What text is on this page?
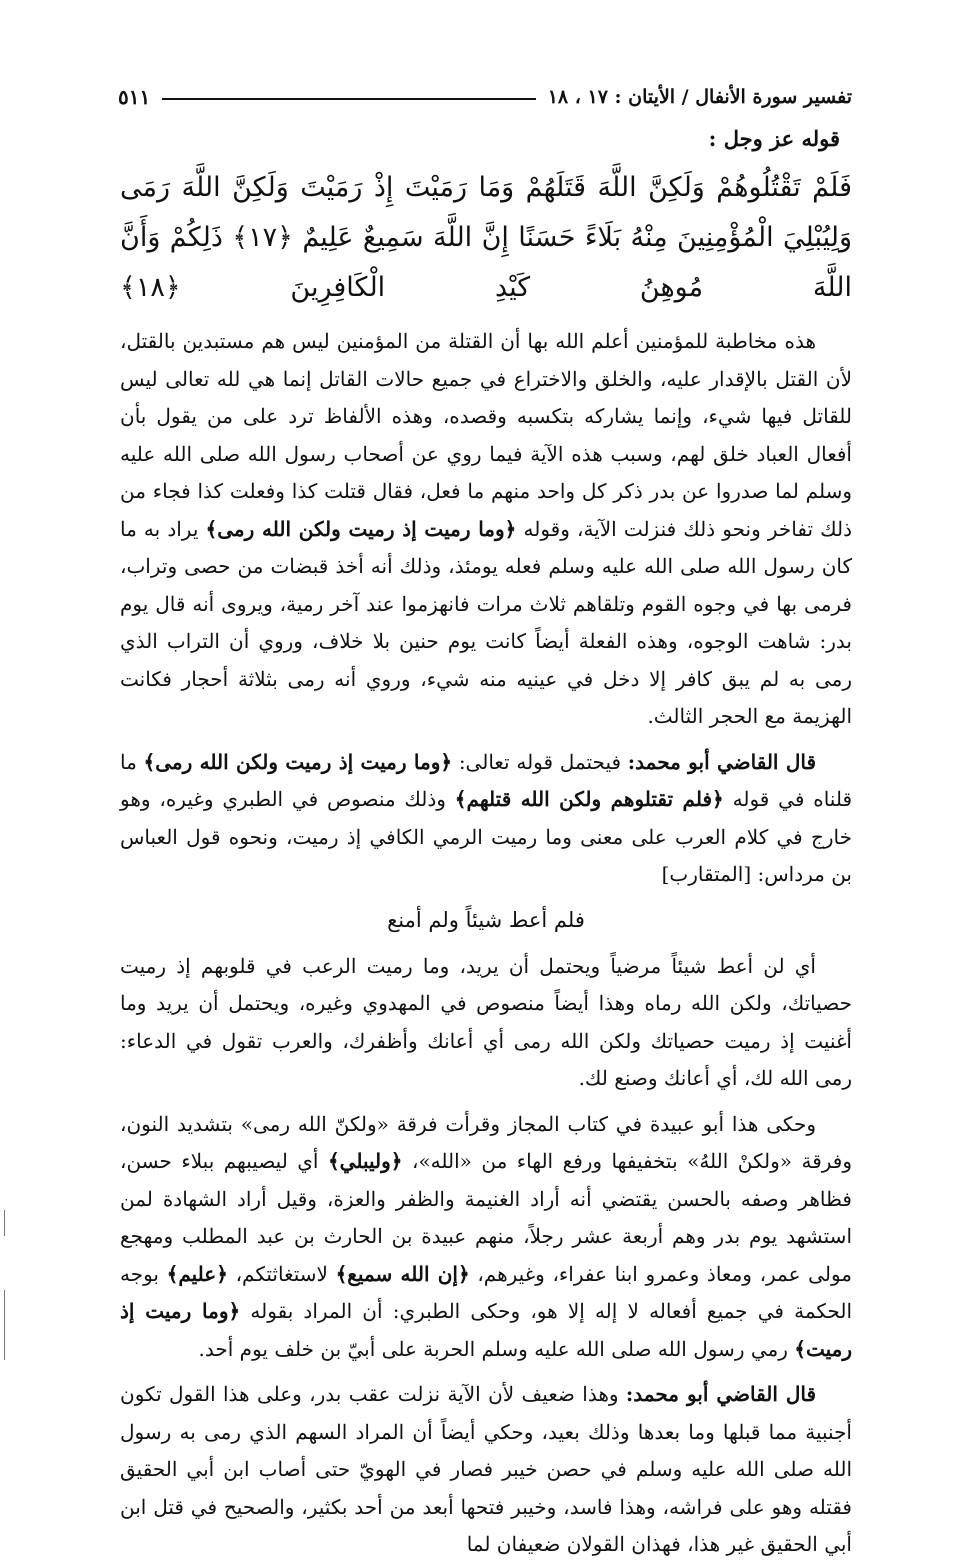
تفسير سورة الأنفال / الأيتان : ١٧ ، ١٨
٥١١
قوله عز وجل :
فَلَمْ تَقْتُلُوهُمْ وَلَكِنَّ اللَّهَ قَتَلَهُمْ وَمَا رَمَيْتَ إِذْ رَمَيْتَ وَلَكِنَّ اللَّهَ رَمَى وَلِيُبْلِيَ الْمُؤْمِنِينَ مِنْهُ بَلَاءً حَسَنًا إِنَّ اللَّهَ سَمِيعٌ عَلِيمٌ ﴿١٧﴾ ذَلِكُمْ وَأَنَّ اللَّهَ مُوهِنُ كَيْدِ الْكَافِرِينَ ﴿١٨﴾

هذه مخاطبة للمؤمنين أعلم الله بها أن القتلة من المؤمنين ليس هم مستبدين بالقتل، لأن القتل بالإقدار عليه، والخلق والاختراع في جميع حالات القاتل إنما هي لله تعالى ليس للقاتل فيها شيء، وإنما يشاركه بتكسبه وقصده، وهذه الألفاظ ترد على من يقول بأن أفعال العباد خلق لهم، وسبب هذه الآية فيما روي عن أصحاب رسول الله صلى الله عليه وسلم لما صدروا عن بدر ذكر كل واحد منهم ما فعل، فقال قتلت كذا وفعلت كذا فجاء من ذلك تفاخر ونحو ذلك فنزلت الآية، وقوله ﴿وما رميت إذ رميت ولكن الله رمى﴾ يراد به ما كان رسول الله صلى الله عليه وسلم فعله يومئذ، وذلك أنه أخذ قبضات من حصى وتراب، فرمى بها في وجوه القوم وتلقاهم ثلاث مرات فانهزموا عند آخر رمية، ويروى أنه قال يوم بدر: شاهت الوجوه، وهذه الفعلة أيضاً كانت يوم حنين بلا خلاف، وروي أن التراب الذي رمى به لم يبق كافر إلا دخل في عينيه منه شيء، وروي أنه رمى بثلاثة أحجار فكانت الهزيمة مع الحجر الثالث.

قال القاضي أبو محمد: فيحتمل قوله تعالى: ﴿وما رميت إذ رميت ولكن الله رمى﴾ ما قلناه في قوله ﴿فلم تقتلوهم ولكن الله قتلهم﴾ وذلك منصوص في الطبري وغيره، وهو خارج في كلام العرب على معنى وما رميت الرمي الكافي إذ رميت، ونحوه قول العباس بن مرداس: [المتقارب]

فلم أعط شيئاً ولم أمنع

أي لن أعط شيئاً مرضياً ويحتمل أن يريد، وما رميت الرعب في قلوبهم إذ رميت حصياتك، ولكن الله رماه وهذا أيضاً منصوص في المهدوي وغيره، ويحتمل أن يريد وما أغنيت إذ رميت حصياتك ولكن الله رمى أي أعانك وأظفرك، والعرب تقول في الدعاء: رمى الله لك، أي أعانك وصنع لك.

وحكى هذا أبو عبيدة في كتاب المجاز وقرأت فرقة «ولكنّ الله رمى» بتشديد النون، وفرقة «ولكنْ اللهُ» بتخفيفها ورفع الهاء من «الله»، ﴿وليبلي﴾ أي ليصيبهم ببلاء حسن، فظاهر وصفه بالحسن يقتضي أنه أراد الغنيمة والظفر والعزة، وقيل أراد الشهادة لمن استشهد يوم بدر وهم أربعة عشر رجلاً، منهم عبيدة بن الحارث بن عبد المطلب ومهجع مولى عمر، ومعاذ وعمرو ابنا عفراء، وغيرهم، ﴿إن الله سميع﴾ لاستغاثتكم، ﴿عليم﴾ بوجه الحكمة في جميع أفعاله لا إله إلا هو، وحكى الطبري: أن المراد بقوله ﴿وما رميت إذ رميت﴾ رمي رسول الله صلى الله عليه وسلم الحربة على أبيّ بن خلف يوم أحد.

قال القاضي أبو محمد: وهذا ضعيف لأن الآية نزلت عقب بدر، وعلى هذا القول تكون أجنبية مما قبلها وما بعدها وذلك بعيد، وحكي أيضاً أن المراد السهم الذي رمى به رسول الله صلى الله عليه وسلم في حصن خيبر فصار في الهويّ حتى أصاب ابن أبي الحقيق فقتله وهو على فراشه، وهذا فاسد، وخيبر فتحها أبعد من أحد بكثير، والصحيح في قتل ابن أبي الحقيق غير هذا، فهذان القولان ضعيفان لما
